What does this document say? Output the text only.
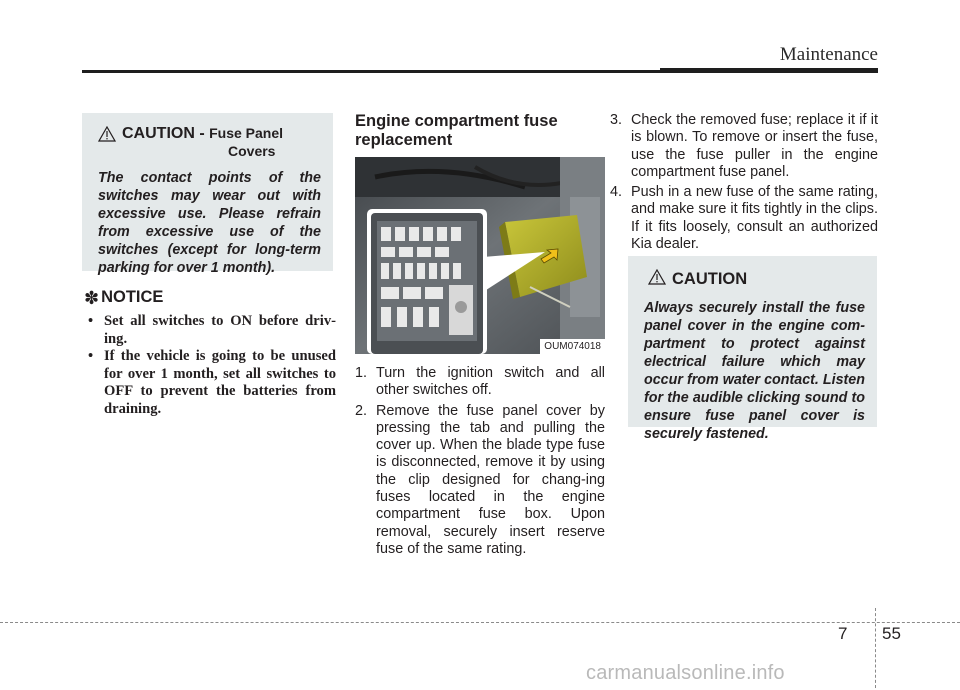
Maintenance
CAUTION - Fuse Panel
Covers
The contact points of the switches may wear out with excessive use. Please refrain from excessive use of the switches (except for long-term parking for over 1 month).
✽ NOTICE
• Set all switches to ON before driv-ing.
• If the vehicle is going to be unused for over 1 month, set all switches to OFF to prevent the batteries from draining.
Engine compartment fuse replacement
OUM074018
1. Turn the ignition switch and all other switches off.
2. Remove the fuse panel cover by pressing the tab and pulling the cover up. When the blade type fuse is disconnected, remove it by using the clip designed for chang-ing fuses located in the engine compartment fuse box. Upon removal, securely insert reserve fuse of the same rating.
3. Check the removed fuse; replace it if it is blown. To remove or insert the fuse, use the fuse puller in the engine compartment fuse panel.
4. Push in a new fuse of the same rating, and make sure it fits tightly in the clips. If it fits loosely, consult an authorized Kia dealer.
CAUTION
Always securely install the fuse panel cover in the engine com-partment to protect against electrical failure which may occur from water contact. Listen for the audible clicking sound to ensure fuse panel cover is securely fastened.
7 55
carmanualsonline.info
